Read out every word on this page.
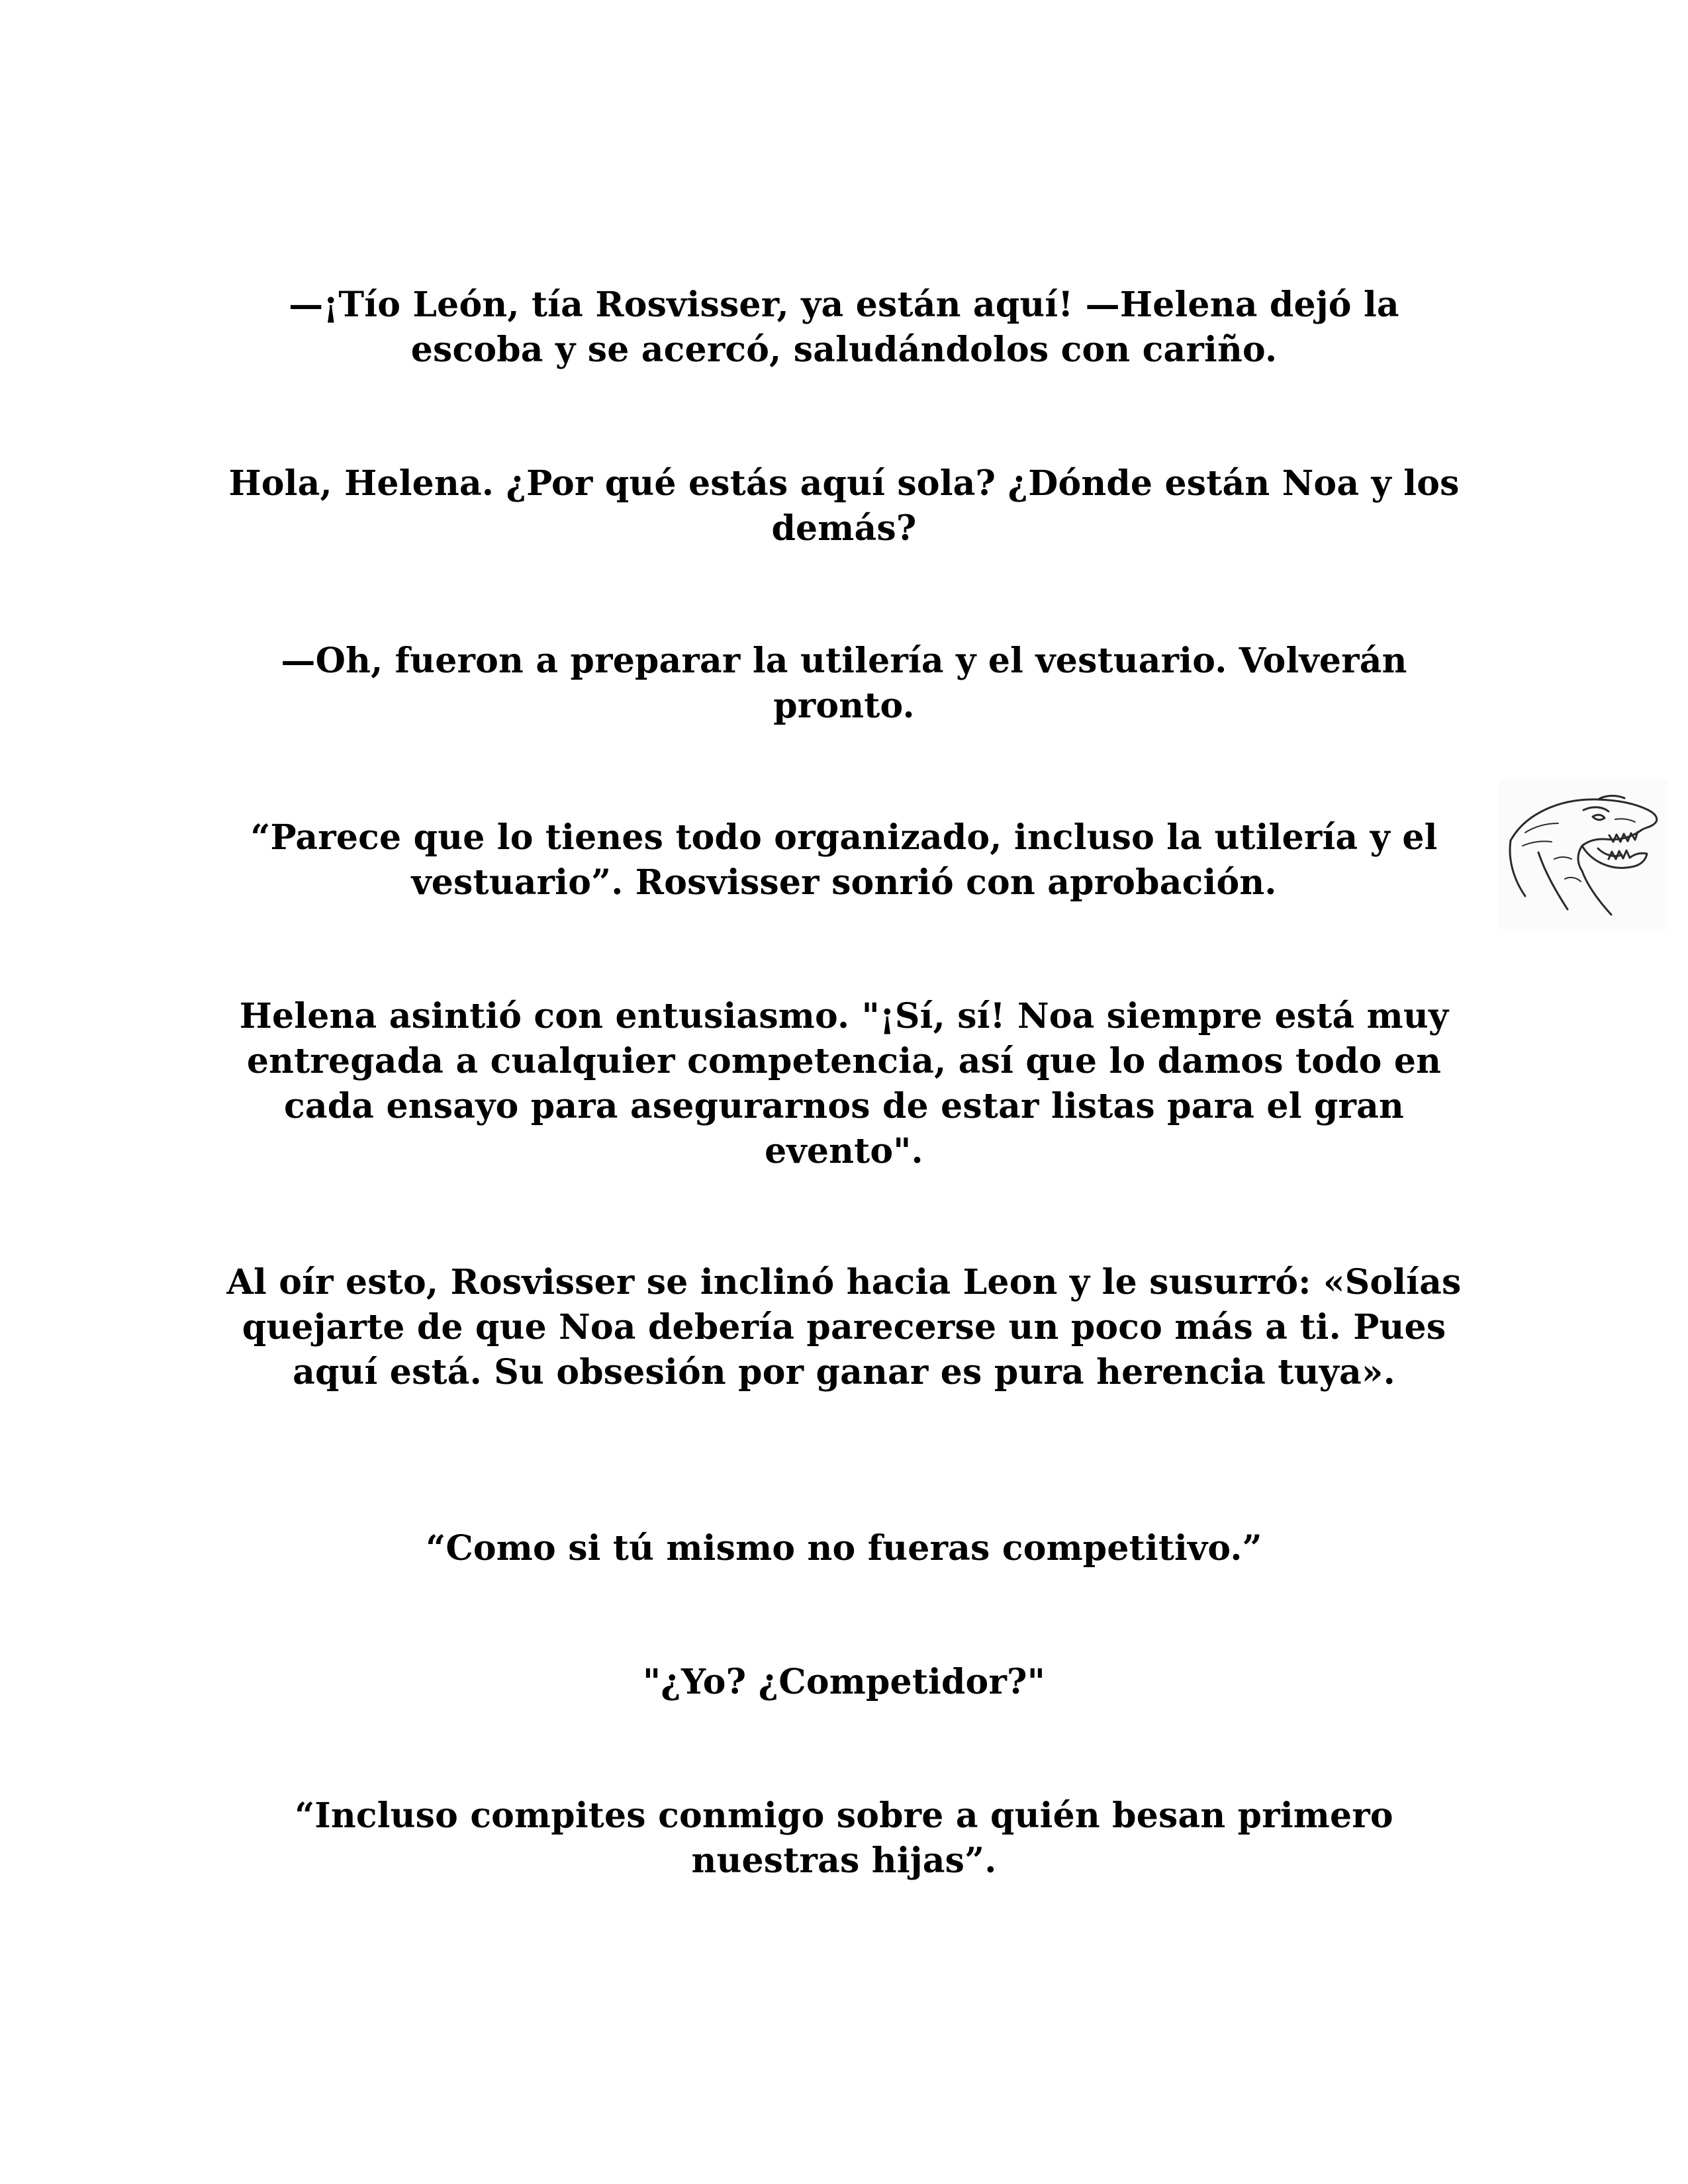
—¡Tío León, tía Rosvisser, ya están aquí! —Helena dejó la escoba y se acercó, saludándolos con cariño.

Hola, Helena. ¿Por qué estás aquí sola? ¿Dónde están Noa y los demás?

—Oh, fueron a preparar la utilería y el vestuario. Volverán pronto.

“Parece que lo tienes todo organizado, incluso la utilería y el vestuario”. Rosvisser sonrió con aprobación.

Helena asintió con entusiasmo. "¡Sí, sí! Noa siempre está muy entregada a cualquier competencia, así que lo damos todo en cada ensayo para asegurarnos de estar listas para el gran evento".

Al oír esto, Rosvisser se inclinó hacia Leon y le susurró: «Solías quejarte de que Noa debería parecerse un poco más a ti. Pues aquí está. Su obsesión por ganar es pura herencia tuya».

“Como si tú mismo no fueras competitivo.”

"¿Yo? ¿Competidor?"

“Incluso compites conmigo sobre a quién besan primero nuestras hijas”.
